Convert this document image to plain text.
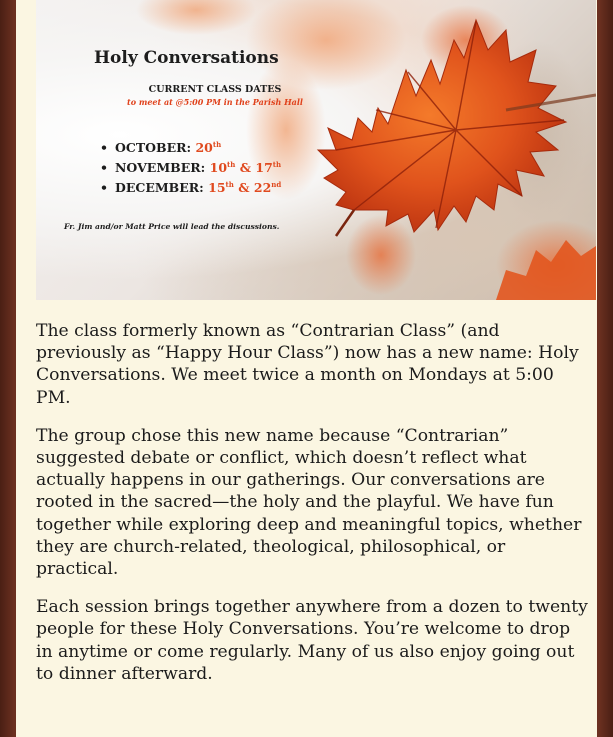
Holy Conversations
CURRENT CLASS DATES
to meet at @5:00 PM in the Parish Hall
• OCTOBER: 20th
• NOVEMBER: 10th & 17th
• DECEMBER: 15th & 22nd
Fr. Jim and/or Matt Price will lead the discussions.

The class formerly known as “Contrarian Class” (and previously as “Happy Hour Class”) now has a new name: Holy Conversations. We meet twice a month on Mondays at 5:00 PM.

The group chose this new name because “Contrarian” suggested debate or conflict, which doesn’t reflect what actually happens in our gatherings. Our conversations are rooted in the sacred—the holy and the playful. We have fun together while exploring deep and meaningful topics, whether they are church-related, theological, philosophical, or practical.

Each session brings together anywhere from a dozen to twenty people for these Holy Conversations. You’re welcome to drop in anytime or come regularly. Many of us also enjoy going out to dinner afterward.
